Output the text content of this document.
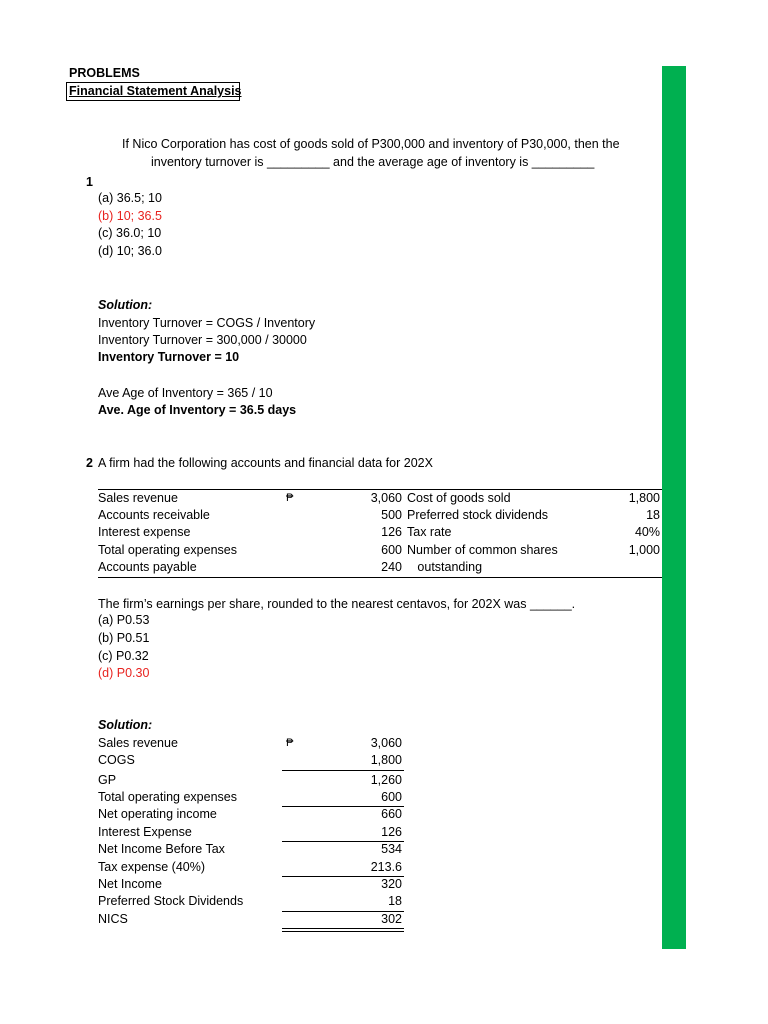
PROBLEMS
Financial Statement Analysis
If Nico Corporation has cost of goods sold of P300,000 and inventory of P30,000, then the
inventory turnover is _________ and the average age of inventory is _________
1
(a) 36.5; 10
(b) 10; 36.5
(c) 36.0; 10
(d) 10; 36.0
Solution:
Inventory Turnover = COGS / Inventory
Inventory Turnover = 300,000 / 30000
Inventory Turnover = 10
Ave Age of Inventory = 365 / 10
Ave. Age of Inventory = 36.5 days
2 A firm had the following accounts and financial data for 202X
Sales revenue
Accounts receivable
Interest expense
Total operating expenses
Accounts payable
₱	3,060
500
126
600
240
Cost of goods sold
Preferred stock dividends
Tax rate
Number of common shares
outstanding
1,800
18
40%
1,000
The firm’s earnings per share, rounded to the nearest centavos, for 202X was ______.
(a) P0.53
(b) P0.51
(c) P0.32
(d) P0.30
Solution:
₱
Sales revenue
COGS
GP
Total operating expenses
Net operating income
Interest Expense
Net Income Before Tax
Tax expense (40%)
Net Income
Preferred Stock Dividends
NICS
3,060
1,800
1,260
600
660
126
534
213.6
320
18
302
